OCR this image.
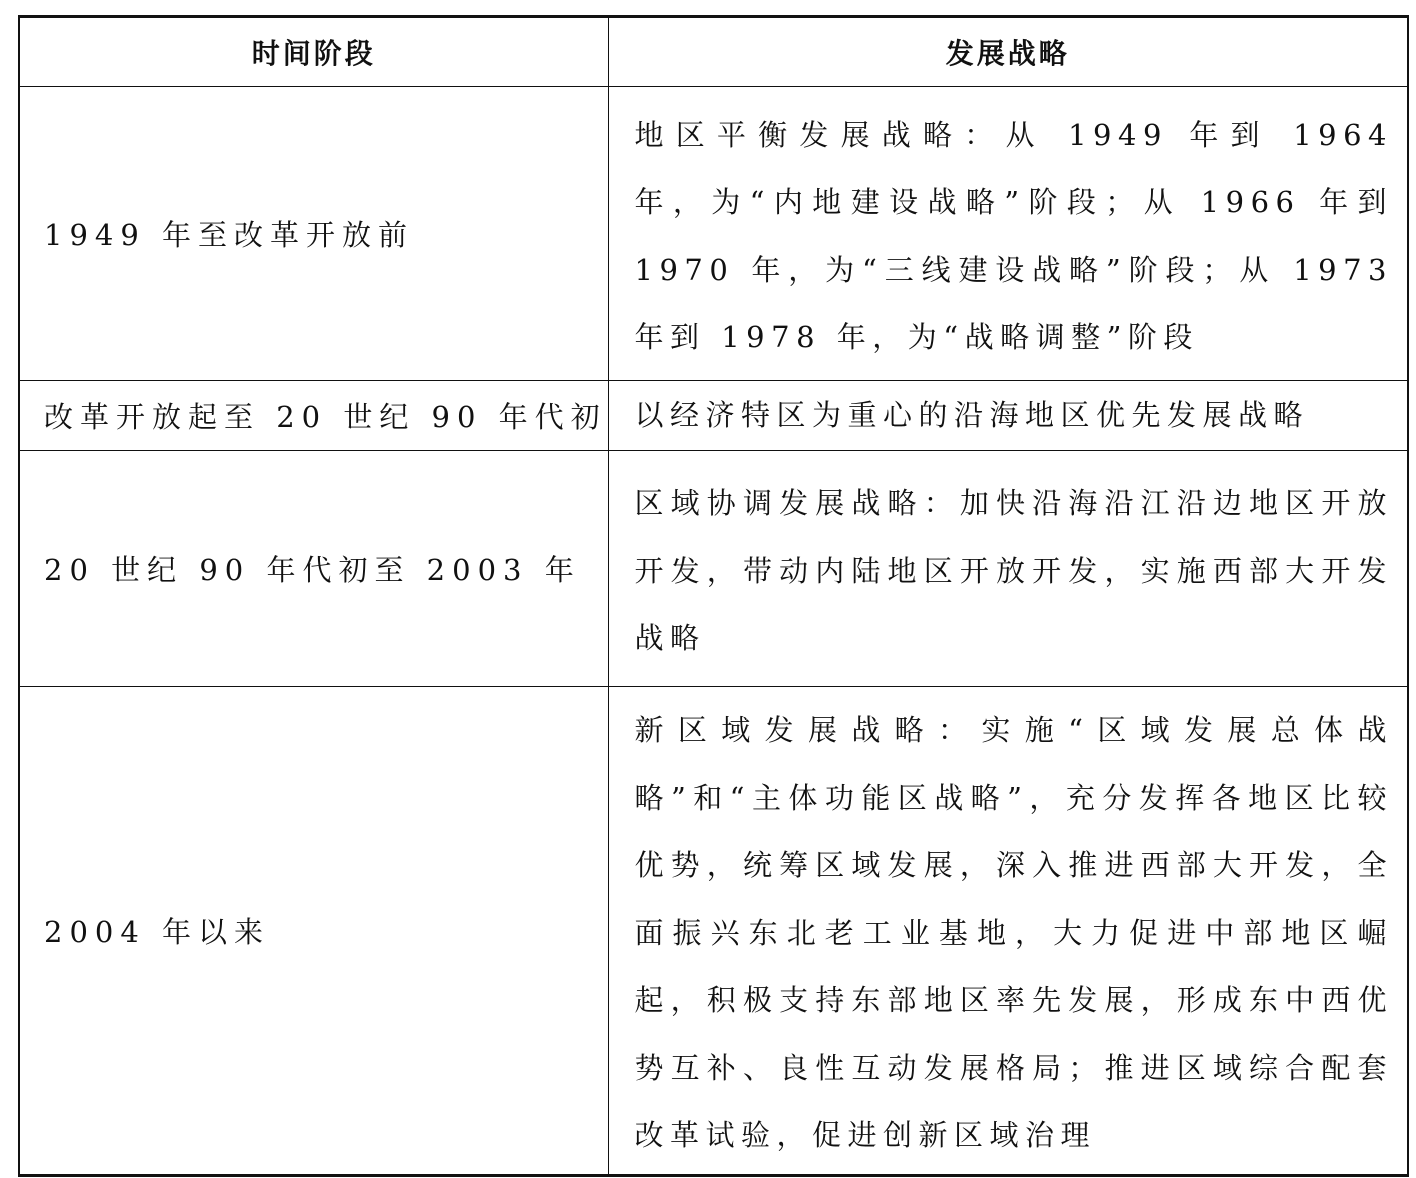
时间阶段	发展战略
1949 年至改革开放前	地区平衡发展战略：从 1949 年到 1964 年，为“内地建设战略”阶段；从 1966 年到 1970 年，为“三线建设战略”阶段；从 1973 年到 1978 年，为“战略调整”阶段
改革开放起至 20 世纪 90 年代初	以经济特区为重心的沿海地区优先发展战略
20 世纪 90 年代初至 2003 年	区域协调发展战略：加快沿海沿江沿边地区开放开发，带动内陆地区开放开发，实施西部大开发战略
2004 年以来	新区域发展战略：实施“区域发展总体战略”和“主体功能区战略”，充分发挥各地区比较优势，统筹区域发展，深入推进西部大开发，全面振兴东北老工业基地，大力促进中部地区崛起，积极支持东部地区率先发展，形成东中西优势互补、良性互动发展格局；推进区域综合配套改革试验，促进创新区域治理
